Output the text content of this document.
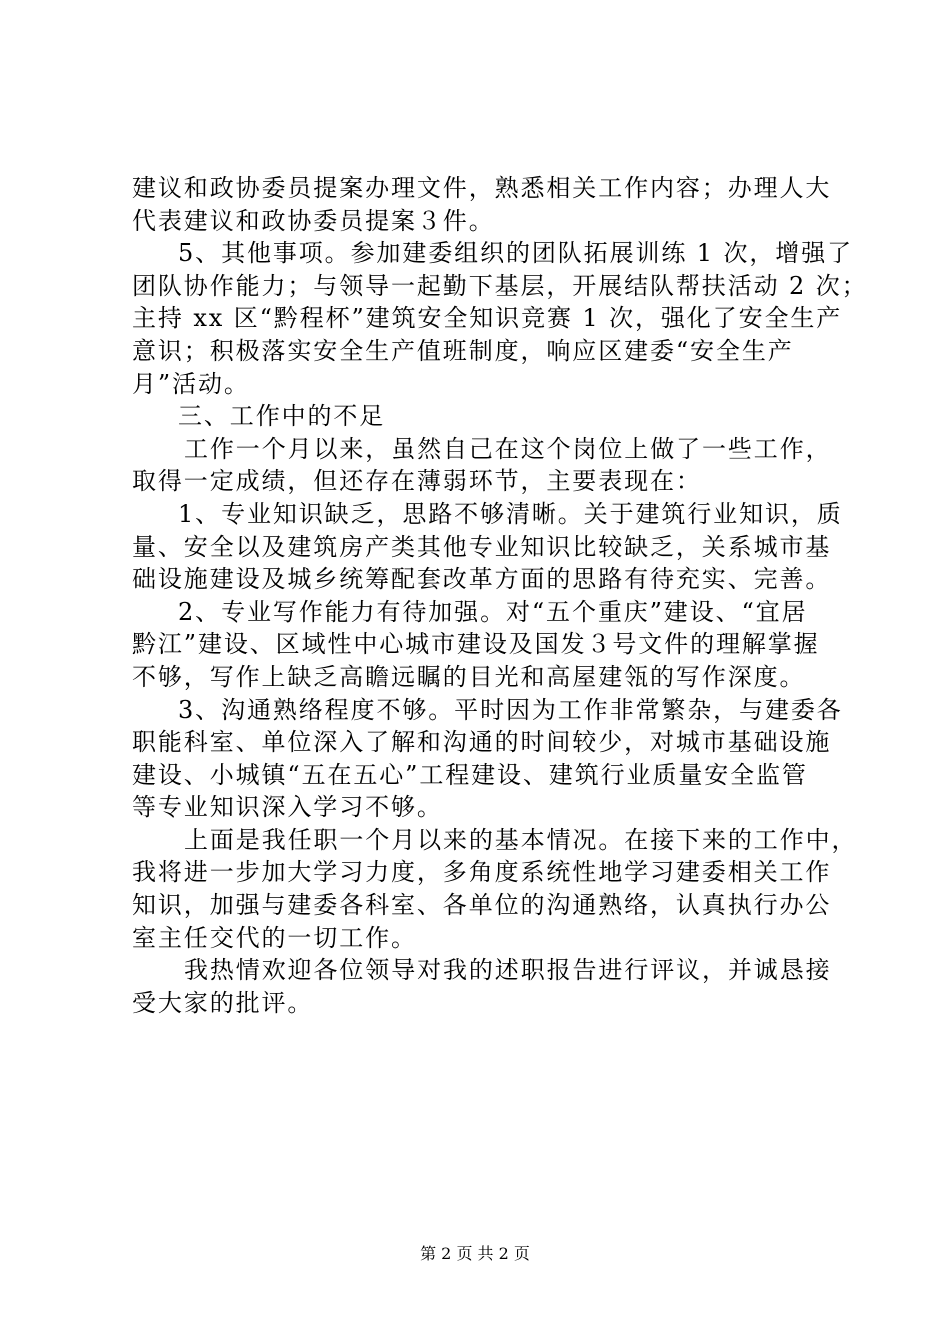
建议和政协委员提案办理文件，熟悉相关工作内容；办理人大
代表建议和政协委员提案３件。
5、其他事项。参加建委组织的团队拓展训练 1 次，增强了
团队协作能力；与领导一起勤下基层，开展结队帮扶活动 2 次；
主持 xx 区“黔程杯”建筑安全知识竞赛 1 次，强化了安全生产
意识；积极落实安全生产值班制度，响应区建委“安全生产
月”活动。
三、工作中的不足
工作一个月以来，虽然自己在这个岗位上做了一些工作，
取得一定成绩，但还存在薄弱环节，主要表现在：
1、专业知识缺乏，思路不够清晰。关于建筑行业知识，质
量、安全以及建筑房产类其他专业知识比较缺乏，关系城市基
础设施建设及城乡统筹配套改革方面的思路有待充实、完善。
2、专业写作能力有待加强。对“五个重庆”建设、“宜居
黔江”建设、区域性中心城市建设及国发３号文件的理解掌握
不够，写作上缺乏高瞻远瞩的目光和高屋建瓴的写作深度。
3、沟通熟络程度不够。平时因为工作非常繁杂，与建委各
职能科室、单位深入了解和沟通的时间较少，对城市基础设施
建设、小城镇“五在五心”工程建设、建筑行业质量安全监管
等专业知识深入学习不够。
上面是我任职一个月以来的基本情况。在接下来的工作中，
我将进一步加大学习力度，多角度系统性地学习建委相关工作
知识，加强与建委各科室、各单位的沟通熟络，认真执行办公
室主任交代的一切工作。
我热情欢迎各位领导对我的述职报告进行评议，并诚恳接
受大家的批评。
第 2 页 共 2 页
